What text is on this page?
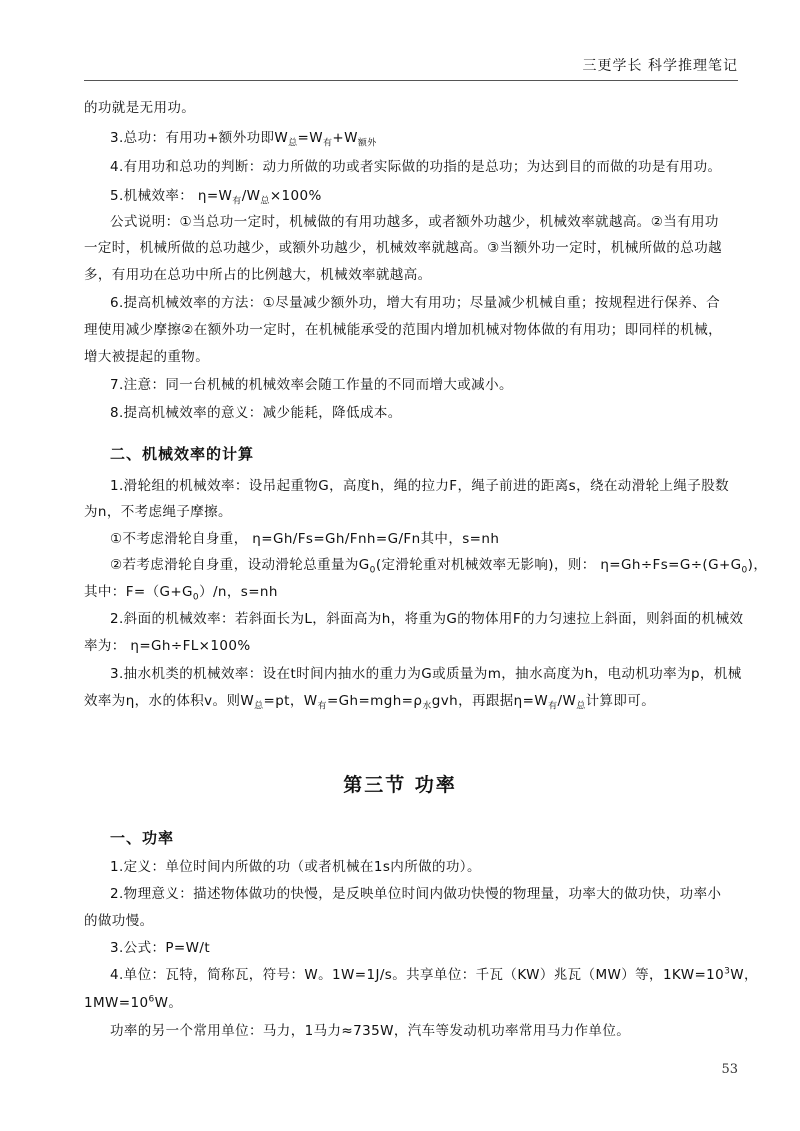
三更学长 科学推理笔记
的功就是无用功。
3.总功：有用功+额外功即$W_总=W_有+W_{额外}$
4.有用功和总功的判断：动力所做的功或者实际做的功指的是总功；为达到目的而做的功是有用功。
5.机械效率： $\eta=W_有/W_总\times 100\%$
公式说明：①当总功一定时，机械做的有用功越多，或者额外功越少，机械效率就越高。②当有用功
一定时，机械所做的总功越少，或额外功越少，机械效率就越高。③当额外功一定时，机械所做的总功越
多，有用功在总功中所占的比例越大，机械效率就越高。
6.提高机械效率的方法：①尽量减少额外功，增大有用功；尽量减少机械自重；按规程进行保养、合
理使用减少摩擦②在额外功一定时，在机械能承受的范围内增加机械对物体做的有用功；即同样的机械，
增大被提起的重物。
7.注意：同一台机械的机械效率会随工作量的不同而增大或减小。
8.提高机械效率的意义：减少能耗，降低成本。
二、机械效率的计算
1.滑轮组的机械效率：设吊起重物G，高度h，绳的拉力F，绳子前进的距离s，绕在动滑轮上绳子股数
为n，不考虑绳子摩擦。
①不考虑滑轮自身重， η=Gh/Fs=Gh/Fnh=G/Fn其中，s=nh
②若考虑滑轮自身重，设动滑轮总重量为$G_0$(定滑轮重对机械效率无影响)，则： $\eta=Gh\div Fs=G\div(G+G_0)$，
其中：$F=(G+G_0)/n$，s=nh
2.斜面的机械效率：若斜面长为L，斜面高为h，将重为G的物体用F的力匀速拉上斜面，则斜面的机械效
率为： η=Gh÷FL×100%
3.抽水机类的机械效率：设在t时间内抽水的重力为G或质量为m，抽水高度为h，电动机功率为p，机械
效率为η，水的体积v。则$W_总=pt$，$W_有=Gh=mgh=\rho_水gvh$，再跟据$\eta=W_有/W_总$计算即可。
第三节 功率
一、功率
1.定义：单位时间内所做的功（或者机械在1s内所做的功）。
2.物理意义：描述物体做功的快慢，是反映单位时间内做功快慢的物理量，功率大的做功快，功率小
的做功慢。
3.公式：P=W/t
4.单位：瓦特，简称瓦，符号：W。1W=1J/s。共享单位：千瓦（KW）兆瓦（MW）等，$1KW=10^3W$，
$1MW=10^6W$。
功率的另一个常用单位：马力，1马力≈735W，汽车等发动机功率常用马力作单位。
53
